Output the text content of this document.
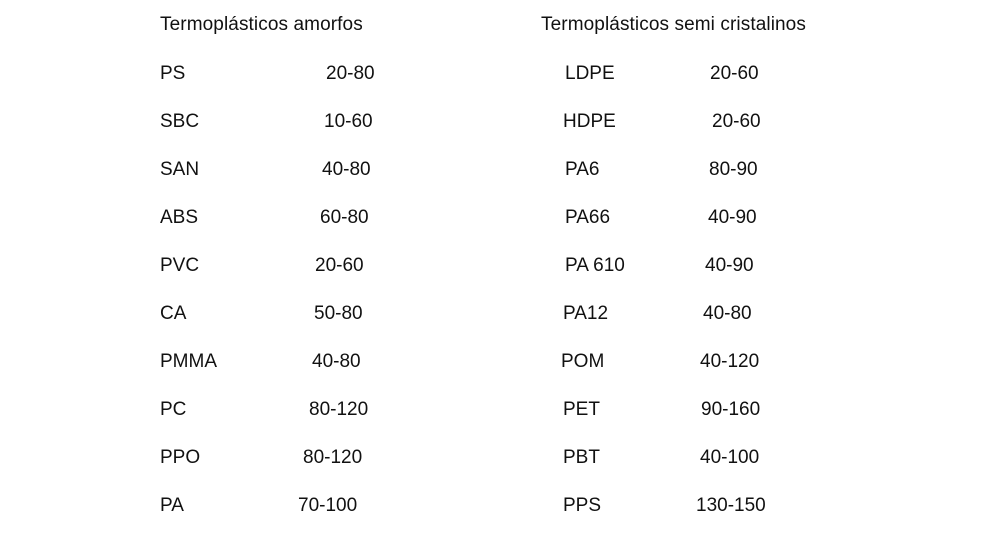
Termoplásticos amorfos
PS	20-80
SBC	10-60
SAN	40-80
ABS	60-80
PVC	20-60
CA	50-80
PMMA	40-80
PC	80-120
PPO	80-120
PA	70-100
Termoplásticos semi cristalinos
LDPE	20-60
HDPE	20-60
PA6	80-90
PA66	40-90
PA 610	40-90
PA12	40-80
POM	40-120
PET	90-160
PBT	40-100
PPS	130-150
